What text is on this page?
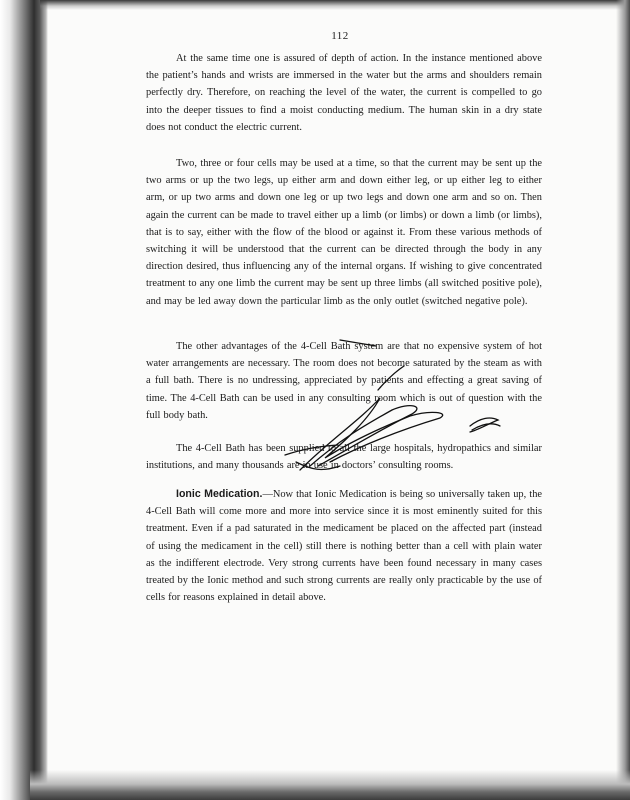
112
At the same time one is assured of depth of action. In the instance mentioned above the patient’s hands and wrists are immersed in the water but the arms and shoulders remain perfectly dry. Therefore, on reaching the level of the water, the current is compelled to go into the deeper tissues to find a moist conducting medium. The human skin in a dry state does not conduct the electric current.
Two, three or four cells may be used at a time, so that the current may be sent up the two arms or up the two legs, up either arm and down either leg, or up either leg to either arm, or up two arms and down one leg or up two legs and down one arm and so on. Then again the current can be made to travel either up a limb (or limbs) or down a limb (or limbs), that is to say, either with the flow of the blood or against it. From these various methods of switching it will be understood that the current can be directed through the body in any direction desired, thus influencing any of the internal organs. If wishing to give concentrated treatment to any one limb the current may be sent up three limbs (all switched positive pole), and may be led away down the particular limb as the only outlet (switched negative pole).
The other advantages of the 4-Cell Bath system are that no expensive system of hot water arrangements are necessary. The room does not become saturated by the steam as with a full bath. There is no undressing, appreciated by patients and effecting a great saving of time. The 4-Cell Bath can be used in any consulting room which is out of question with the full body bath.
The 4-Cell Bath has been supplied to all the large hospitals, hydropathics and similar institutions, and many thousands are in use in doctors’ consulting rooms.
Ionic Medication.—Now that Ionic Medication is being so universally taken up, the 4-Cell Bath will come more and more into service since it is most eminently suited for this treatment. Even if a pad saturated in the medicament be placed on the affected part (instead of using the medicament in the cell) still there is nothing better than a cell with plain water as the indifferent electrode. Very strong currents have been found necessary in many cases treated by the Ionic method and such strong currents are really only practicable by the use of cells for reasons explained in detail above.
